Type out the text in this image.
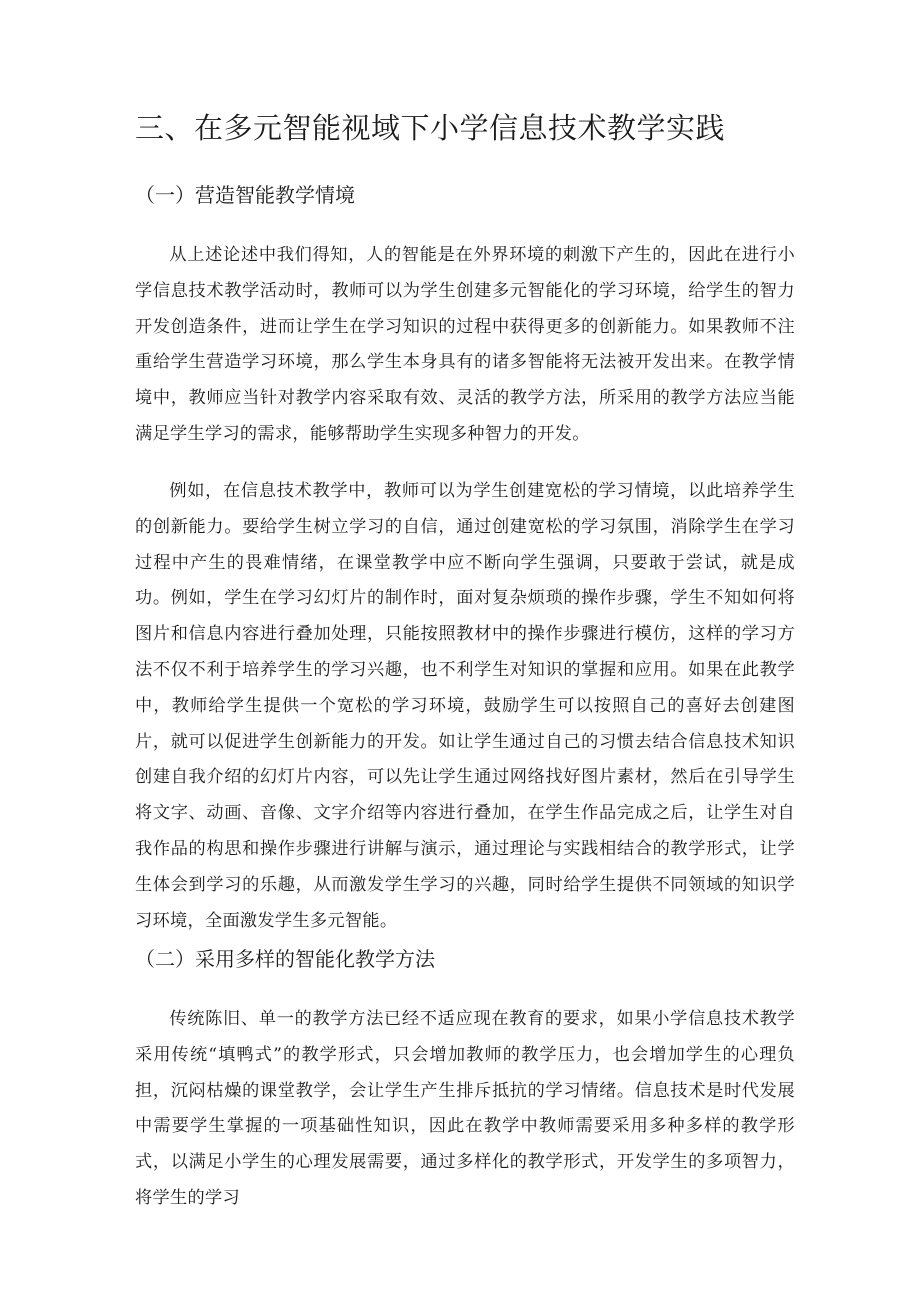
三、在多元智能视域下小学信息技术教学实践
（一）营造智能教学情境

从上述论述中我们得知，人的智能是在外界环境的刺激下产生的，因此在进行小学信息技术教学活动时，教师可以为学生创建多元智能化的学习环境，给学生的智力开发创造条件，进而让学生在学习知识的过程中获得更多的创新能力。如果教师不注重给学生营造学习环境，那么学生本身具有的诸多智能将无法被开发出来。在教学情境中，教师应当针对教学内容采取有效、灵活的教学方法，所采用的教学方法应当能满足学生学习的需求，能够帮助学生实现多种智力的开发。

例如，在信息技术教学中，教师可以为学生创建宽松的学习情境，以此培养学生的创新能力。要给学生树立学习的自信，通过创建宽松的学习氛围，消除学生在学习过程中产生的畏难情绪，在课堂教学中应不断向学生强调，只要敢于尝试，就是成功。例如，学生在学习幻灯片的制作时，面对复杂烦琐的操作步骤，学生不知如何将图片和信息内容进行叠加处理，只能按照教材中的操作步骤进行模仿，这样的学习方法不仅不利于培养学生的学习兴趣，也不利学生对知识的掌握和应用。如果在此教学中，教师给学生提供一个宽松的学习环境，鼓励学生可以按照自己的喜好去创建图片，就可以促进学生创新能力的开发。如让学生通过自己的习惯去结合信息技术知识创建自我介绍的幻灯片内容，可以先让学生通过网络找好图片素材，然后在引导学生将文字、动画、音像、文字介绍等内容进行叠加，在学生作品完成之后，让学生对自我作品的构思和操作步骤进行讲解与演示，通过理论与实践相结合的教学形式，让学生体会到学习的乐趣，从而激发学生学习的兴趣，同时给学生提供不同领域的知识学习环境，全面激发学生多元智能。

（二）采用多样的智能化教学方法

传统陈旧、单一的教学方法已经不适应现在教育的要求，如果小学信息技术教学采用传统“填鸭式”的教学形式，只会增加教师的教学压力，也会增加学生的心理负担，沉闷枯燥的课堂教学，会让学生产生排斥抵抗的学习情绪。信息技术是时代发展中需要学生掌握的一项基础性知识，因此在教学中教师需要采用多种多样的教学形式，以满足小学生的心理发展需要，通过多样化的教学形式，开发学生的多项智力，将学生的学习
